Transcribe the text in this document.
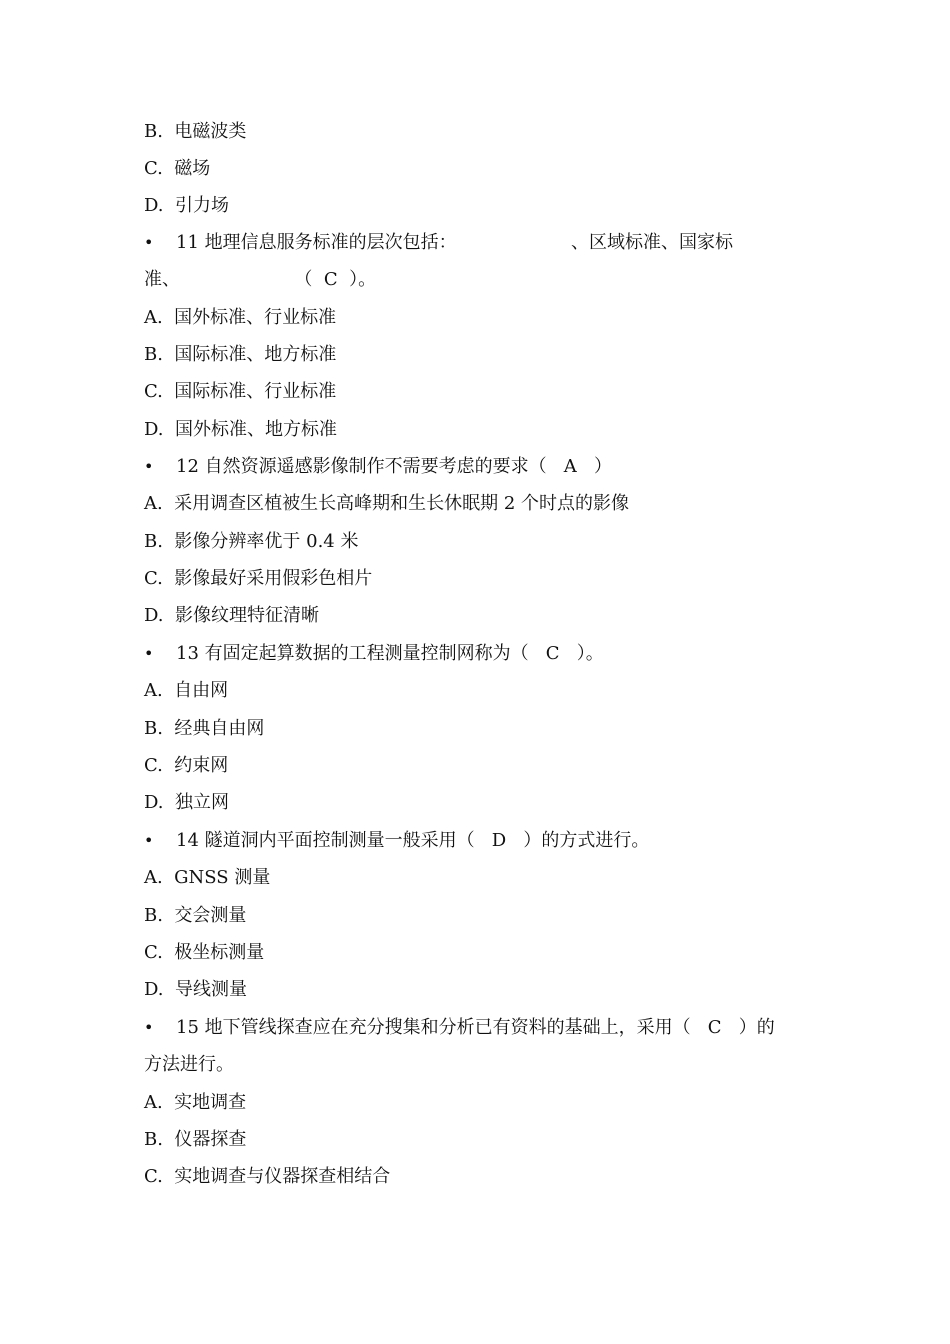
B.  电磁波类
C.  磁场
D.  引力场
• 11 地理信息服务标准的层次包括：                    、区域标准、国家标
准、                    （  C  ）。
A.  国外标准、行业标准
B.  国际标准、地方标准
C.  国际标准、行业标准
D.  国外标准、地方标准
• 12 自然资源遥感影像制作不需要考虑的要求（   A   ）
A.  采用调查区植被生长高峰期和生长休眠期 2 个时点的影像
B.  影像分辨率优于 0.4 米
C.  影像最好采用假彩色相片
D.  影像纹理特征清晰
• 13 有固定起算数据的工程测量控制网称为（   C   ）。
A.  自由网
B.  经典自由网
C.  约束网
D.  独立网
• 14 隧道洞内平面控制测量一般采用（   D   ）的方式进行。
A.  GNSS 测量
B.  交会测量
C.  极坐标测量
D.  导线测量
• 15 地下管线探查应在充分搜集和分析已有资料的基础上，采用（   C   ）的
方法进行。
A.  实地调查
B.  仪器探查
C.  实地调查与仪器探查相结合
